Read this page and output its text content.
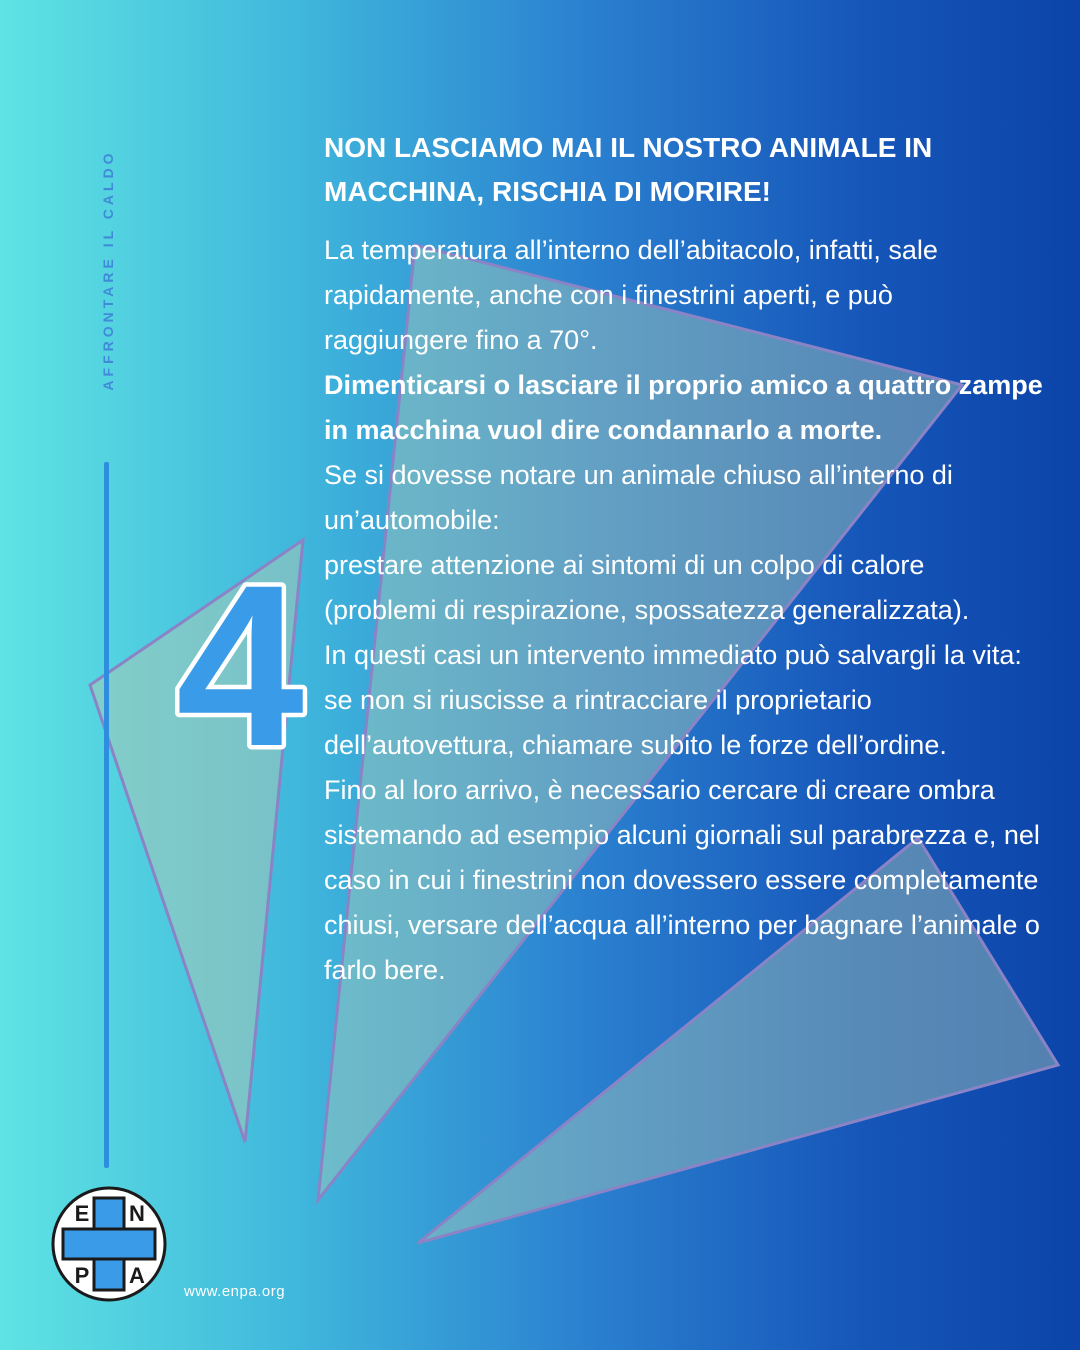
AFFRONTARE IL CALDO
4
NON LASCIAMO MAI IL NOSTRO ANIMALE IN MACCHINA, RISCHIA DI MORIRE!

La temperatura all’interno dell’abitacolo, infatti, sale rapidamente, anche con i finestrini aperti, e può raggiungere fino a 70°.

Dimenticarsi o lasciare il proprio amico a quattro zampe in macchina vuol dire condannarlo a morte.

Se si dovesse notare un animale chiuso all’interno di un’automobile:

prestare attenzione ai sintomi di un colpo di calore (problemi di respirazione, spossatezza generalizzata).

In questi casi un intervento immediato può salvargli la vita: se non si riuscisse a rintracciare il proprietario dell’autovettura, chiamare subito le forze dell’ordine.

Fino al loro arrivo, è necessario cercare di creare ombra sistemando ad esempio alcuni giornali sul parabrezza e, nel caso in cui i finestrini non dovessero essere completamente chiusi, versare dell’acqua all’interno per bagnare l’animale o farlo bere.

E N
P A
www.enpa.org
